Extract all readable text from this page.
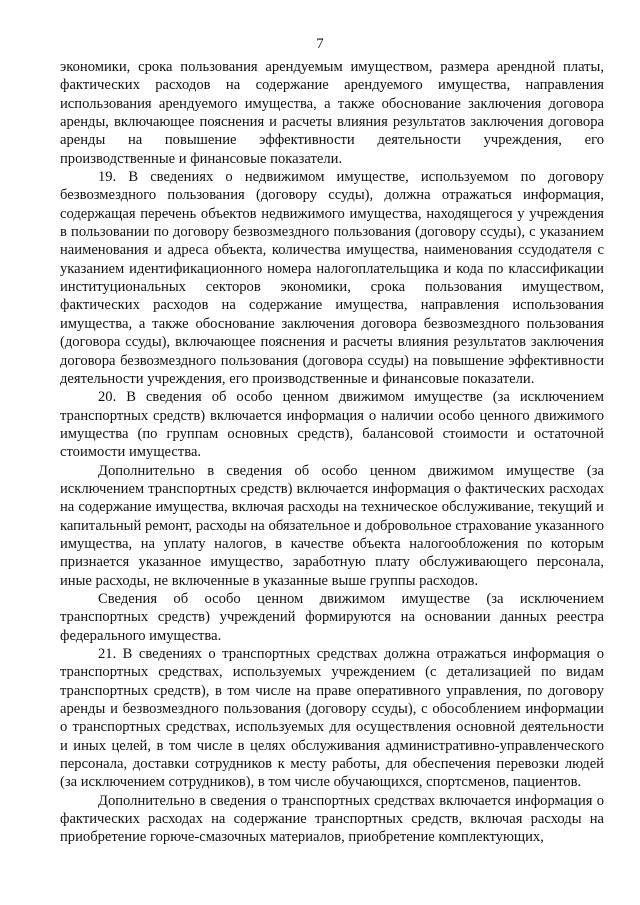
7

экономики, срока пользования арендуемым имуществом, размера арендной платы, фактических расходов на содержание арендуемого имущества, направления использования арендуемого имущества, а также обоснование заключения договора аренды, включающее пояснения и расчеты влияния результатов заключения договора аренды на повышение эффективности деятельности учреждения, его производственные и финансовые показатели.

19. В сведениях о недвижимом имуществе, используемом по договору безвозмездного пользования (договору ссуды), должна отражаться информация, содержащая перечень объектов недвижимого имущества, находящегося у учреждения в пользовании по договору безвозмездного пользования (договору ссуды), с указанием наименования и адреса объекта, количества имущества, наименования ссудодателя с указанием идентификационного номера налогоплательщика и кода по классификации институциональных секторов экономики, срока пользования имуществом, фактических расходов на содержание имущества, направления использования имущества, а также обоснование заключения договора безвозмездного пользования (договора ссуды), включающее пояснения и расчеты влияния результатов заключения договора безвозмездного пользования (договора ссуды) на повышение эффективности деятельности учреждения, его производственные и финансовые показатели.

20. В сведения об особо ценном движимом имуществе (за исключением транспортных средств) включается информация о наличии особо ценного движимого имущества (по группам основных средств), балансовой стоимости и остаточной стоимости имущества.

Дополнительно в сведения об особо ценном движимом имуществе (за исключением транспортных средств) включается информация о фактических расходах на содержание имущества, включая расходы на техническое обслуживание, текущий и капитальный ремонт, расходы на обязательное и добровольное страхование указанного имущества, на уплату налогов, в качестве объекта налогообложения по которым признается указанное имущество, заработную плату обслуживающего персонала, иные расходы, не включенные в указанные выше группы расходов.

Сведения об особо ценном движимом имуществе (за исключением транспортных средств) учреждений формируются на основании данных реестра федерального имущества.

21. В сведениях о транспортных средствах должна отражаться информация о транспортных средствах, используемых учреждением (с детализацией по видам транспортных средств), в том числе на праве оперативного управления, по договору аренды и безвозмездного пользования (договору ссуды), с обособлением информации о транспортных средствах, используемых для осуществления основной деятельности и иных целей, в том числе в целях обслуживания административно-управленческого персонала, доставки сотрудников к месту работы, для обеспечения перевозки людей (за исключением сотрудников), в том числе обучающихся, спортсменов, пациентов.

Дополнительно в сведения о транспортных средствах включается информация о фактических расходах на содержание транспортных средств, включая расходы на приобретение горюче-смазочных материалов, приобретение комплектующих,
